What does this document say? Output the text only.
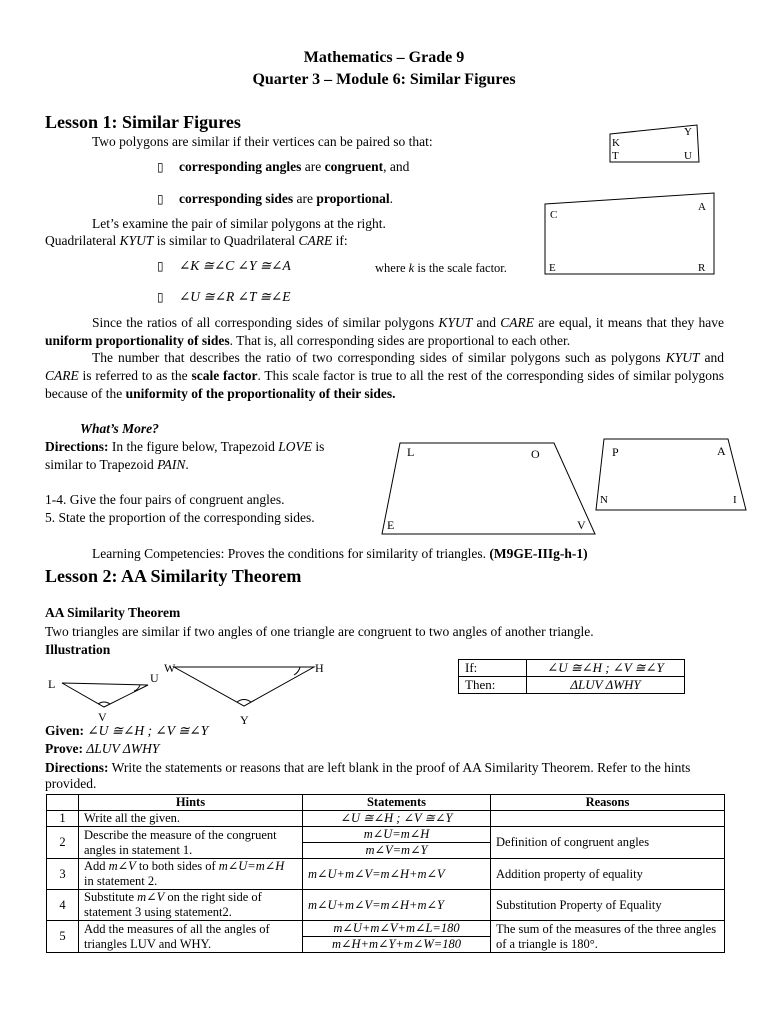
Mathematics – Grade 9
Quarter 3 – Module 6: Similar Figures
Lesson 1: Similar Figures
Two polygons are similar if their vertices can be paired so that:
▯ corresponding angles are congruent, and
▯ corresponding sides are proportional.
Let’s examine the pair of similar polygons at the right.
Quadrilateral KYUT is similar to Quadrilateral CARE if:
▯ ∠K ≅∠C ∠Y ≅∠A	where k is the scale factor.
▯ ∠U ≅∠R ∠T ≅∠E
K
Y
T	U
C
A
E	R
Since the ratios of all corresponding sides of similar polygons KYUT and CARE are equal, it means that they have uniform proportionality of sides. That is, all corresponding sides are proportional to each other.
The number that describes the ratio of two corresponding sides of similar polygons such as polygons KYUT and CARE is referred to as the scale factor. This scale factor is true to all the rest of the corresponding sides of similar polygons because of the uniformity of the proportionality of their sides.
What’s More?
Directions: In the figure below, Trapezoid LOVE is similar to Trapezoid PAIN.
1-4. Give the four pairs of congruent angles.
5. State the proportion of the corresponding sides.
L	O
E	V
P	A
N	I
Learning Competencies: Proves the conditions for similarity of triangles. (M9GE-IIIg-h-1)
Lesson 2: AA Similarity Theorem
AA Similarity Theorem
Two triangles are similar if two angles of one triangle are congruent to two angles of another triangle.
Illustration
L	U
V
W	H
Y
If:	∠U ≅∠H ; ∠V ≅∠Y
Then:	ΔLUV ΔWHY
Given: ∠U ≅∠H ; ∠V ≅∠Y
Prove: ΔLUV ΔWHY
Directions: Write the statements or reasons that are left blank in the proof of AA Similarity Theorem. Refer to the hints provided.
	Hints	Statements	Reasons
1	Write all the given.	∠U ≅∠H ; ∠V ≅∠Y	
2	Describe the measure of the congruent angles in statement 1.	m∠U=m∠H	Definition of congruent angles
		m∠V=m∠Y	
3	Add m∠V to both sides of m∠U=m∠H in statement 2.	m∠U+m∠V=m∠H+m∠V	Addition property of equality
4	Substitute m∠V on the right side of statement 3 using statement2.	m∠U+m∠V=m∠H+m∠Y	Substitution Property of Equality
5	Add the measures of all the angles of triangles LUV and WHY.	m∠U+m∠V+m∠L=180	The sum of the measures of the three angles of a triangle is 180°.
		m∠H+m∠Y+m∠W=180	
